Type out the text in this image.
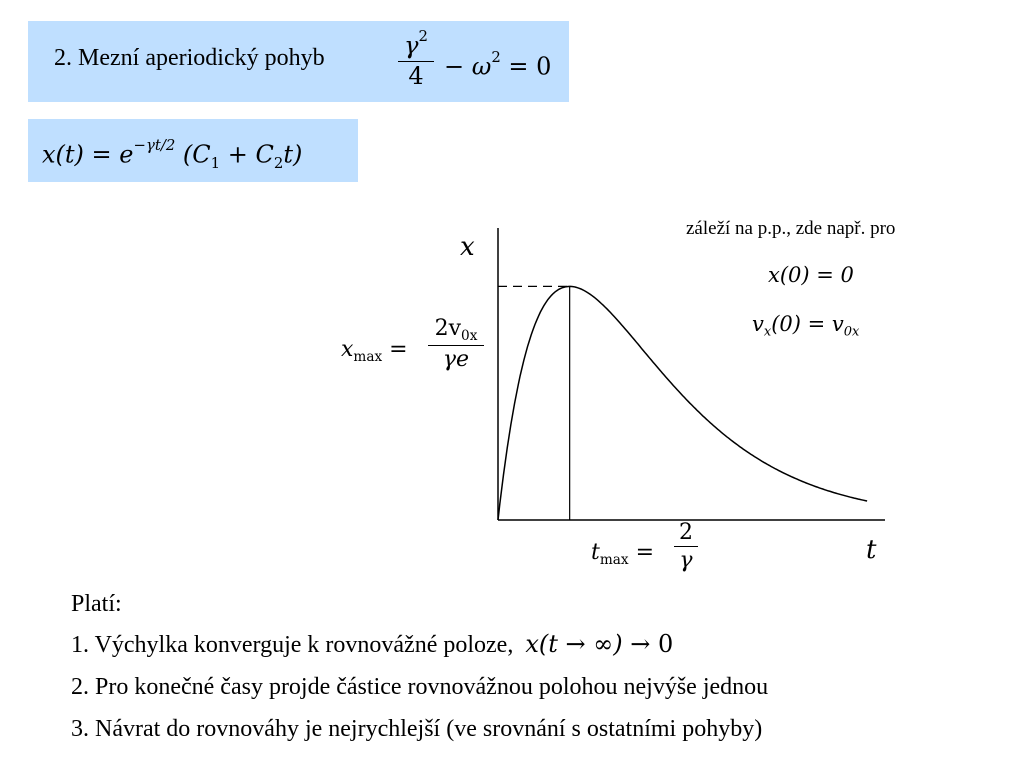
2. Mezní aperiodický pohyb	$\gamma^2$
$4 - \omega^2 = 0$
$x(t) = e^{-\gamma t/2}$ $(C_1 + C_2t)$
x
t
$x_{max}$ =
$2v_{0x}$
γe
$t_{max}$ =
2
γ
záleží na p.p., zde např. pro
x(0) = 0
$v_x(0) = v_{0x}$
Platí:
1. Výchylka konverguje k rovnovážné poloze, x(t → ∞) → 0
2. Pro konečné časy projde částice rovnovážnou polohou nejvýše jednou
3. Návrat do rovnováhy je nejrychlejší (ve srovnání s ostatními pohyby)
